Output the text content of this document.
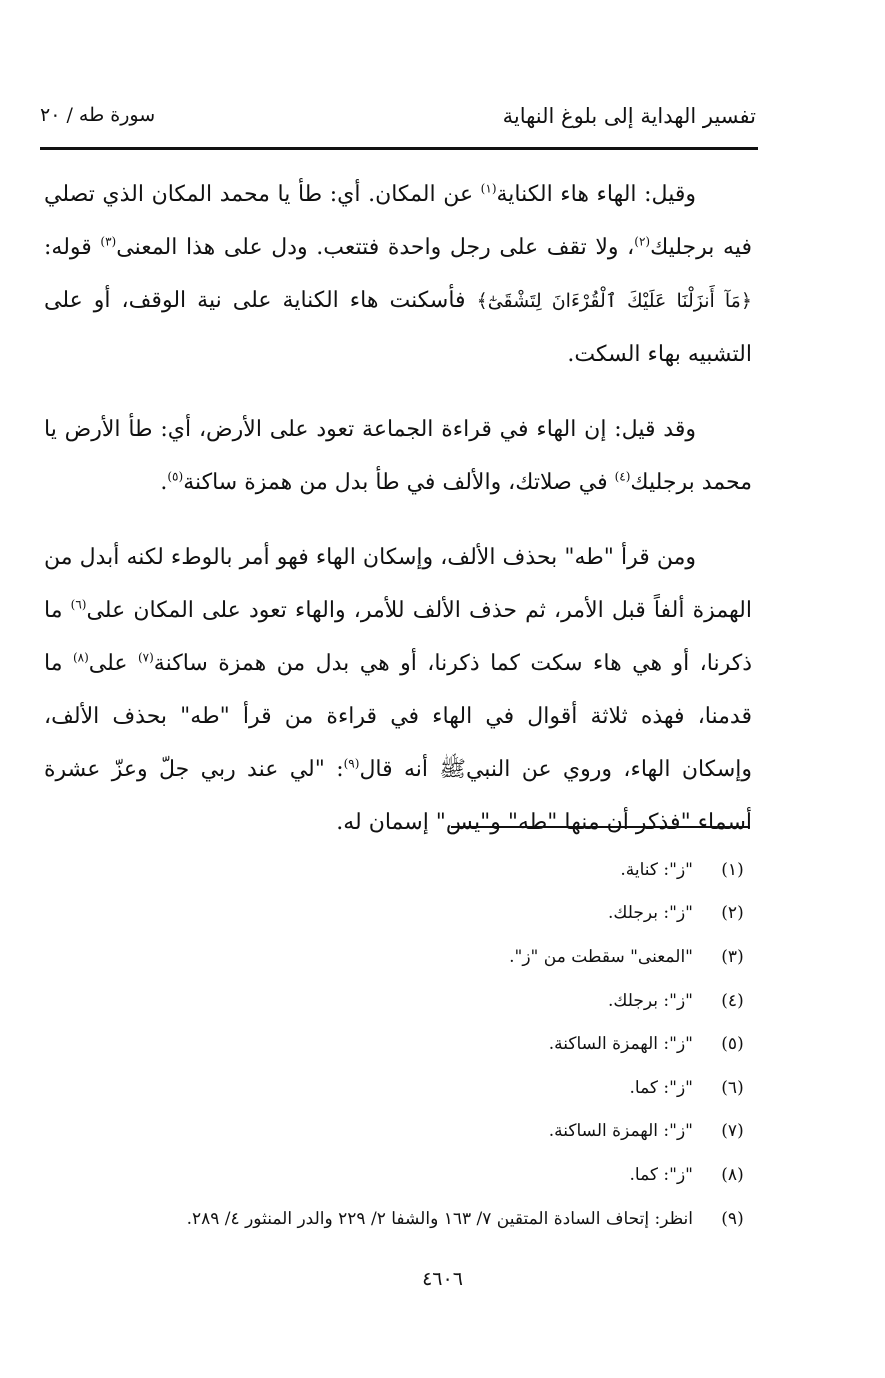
تفسير الهداية إلى بلوغ النهاية
سورة طه / ٢٠

وقيل: الهاء هاء الكناية$^{(١)}$ عن المكان. أي: طأ يا محمد المكان الذي تصلي فيه برجليك$^{(٢)}$، ولا تقف على رجل واحدة فتتعب. ودل على هذا المعنى$^{(٣)}$ قوله: ﴿مَآ أَنزَلْنَا عَلَيْكَ ٱلْقُرْءَانَ لِتَشْقَىٰٓ﴾ فأسكنت هاء الكناية على نية الوقف، أو على التشبيه بهاء السكت.

وقد قيل: إن الهاء في قراءة الجماعة تعود على الأرض، أي: طأ الأرض يا محمد برجليك$^{(٤)}$ في صلاتك، والألف في طأ بدل من همزة ساكنة$^{(٥)}$.

ومن قرأ "طه" بحذف الألف، وإسكان الهاء فهو أمر بالوطء لكنه أبدل من الهمزة ألفاً قبل الأمر، ثم حذف الألف للأمر، والهاء تعود على المكان على$^{(٦)}$ ما ذكرنا، أو هي هاء سكت كما ذكرنا، أو هي بدل من همزة ساكنة$^{(٧)}$ على$^{(٨)}$ ما قدمنا، فهذه ثلاثة أقوال في الهاء في قراءة من قرأ "طه" بحذف الألف، وإسكان الهاء، وروي عن النبيﷺ أنه قال$^{(٩)}$: "لي عند ربي جلّ وعزّ عشرة أسماء "فذكر أن منها "طه" و"يس" إسمان له.

(١)
"ز": كناية.
(٢)
"ز": برجلك.
(٣)
"المعنى" سقطت من "ز".
(٤)
"ز": برجلك.
(٥)
"ز": الهمزة الساكنة.
(٦)
"ز": كما.
(٧)
"ز": الهمزة الساكنة.
(٨)
"ز": كما.
(٩)
انظر: إتحاف السادة المتقين ٧/ ١٦٣ والشفا ٢/ ٢٢٩ والدر المنثور ٤/ ٢٨٩.
٤٦٠٦
